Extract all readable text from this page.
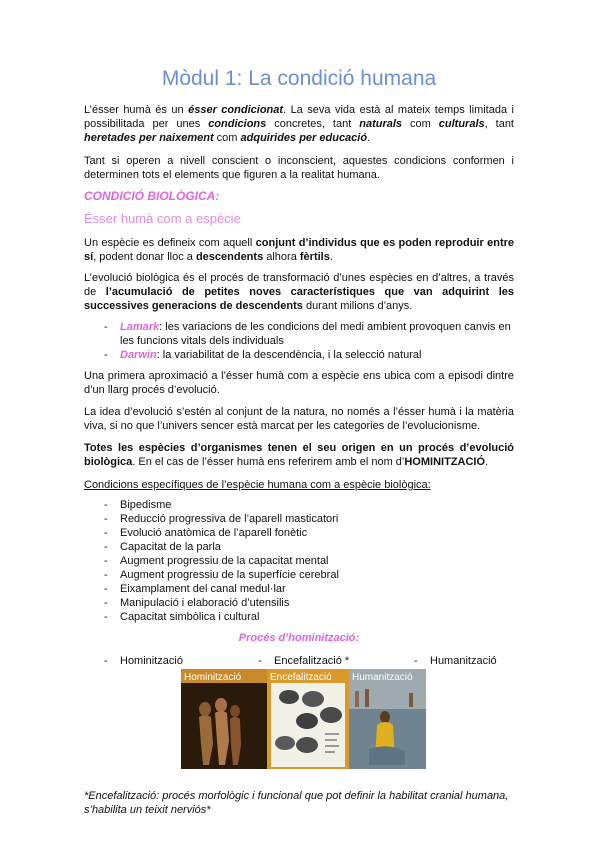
Mòdul 1: La condició humana

L’ésser humà és un ésser condicionat. La seva vida està al mateix temps limitada i possibilitada per unes condicions concretes, tant naturals com culturals, tant heretades per naixement com adquirides per educació.

Tant si operen a nivell conscient o inconscient, aquestes condicions conformen i determinen tots el elements que figuren a la realitat humana.

CONDICIÓ BIOLÒGICA:
Ésser humà com a espècie

Un espècie es defineix com aquell conjunt d’individus que es poden reproduir entre sí, podent donar lloc a descendents alhora fèrtils.

L’evolució biològica és el procés de transformació d’unes espècies en d’altres, a través de l’acumulació de petites noves característiques que van adquirint les successives generacions de descendents durant milions d’anys.

- Lamark: les variacions de les condicions del medi ambient provoquen canvis en les funcions vitals dels individuals
- Darwin: la variabilitat de la descendència, i la selecció natural

Una primera aproximació a l’ésser humà com a espècie ens ubica com a episodi dintre d’un llarg procés d’evolució.

La idea d’evolució s’estén al conjunt de la natura, no només a l’ésser humà i la matèria viva, si no que l’univers sencer està marcat per les categories de l’evolucionisme.

Totes les espècies d’organismes tenen el seu origen en un procés d’evolució biològica. En el cas de l’ésser humà ens referirem amb el nom d’HOMINITZACIÓ.

Condicions específiques de l’espècie humana com a espècie biològica:
- Bipedisme
- Reducció progressiva de l’aparell masticatori
- Evolució anatòmica de l’aparell fonètic
- Capacitat de la parla
- Augment progressiu de la capacitat mental
- Augment progressiu de la superfície cerebral
- Eixamplament del canal medul·lar
- Manipulació i elaboració d’utensilis
- Capacitat simbòlica i cultural
Procés d’hominització:
- Hominització	- Encefalització *	- Humanització
Hominització	Encefalització Humanització
*Encefalització: procés morfològic i funcional que pot definir la habilitat cranial humana, s’habilita un teixit nerviós*
